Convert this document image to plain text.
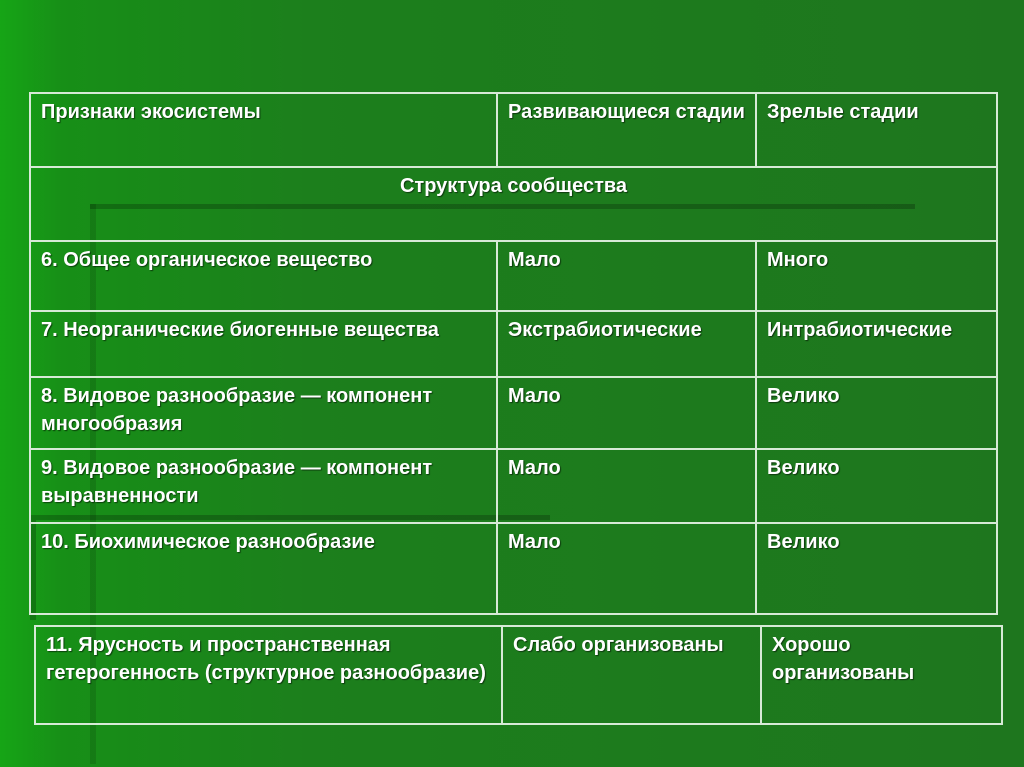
Признаки экосистемы	Развивающиеся стадии	Зрелые стадии
Структура сообщества		
6. Общее органическое вещество	Мало	Много
7. Неорганические биогенные вещества	Экстрабиотические	Интрабиотические
8. Видовое разнообразие — компонент многообразия	Мало	Велико
9. Видовое разнообразие — компонент выравненности	Мало	Велико
10. Биохимическое разнообразие	Мало	Велико
11. Ярусность и пространственная гетерогенность (структурное разнообразие)	Слабо организованы	Хорошо организованы
